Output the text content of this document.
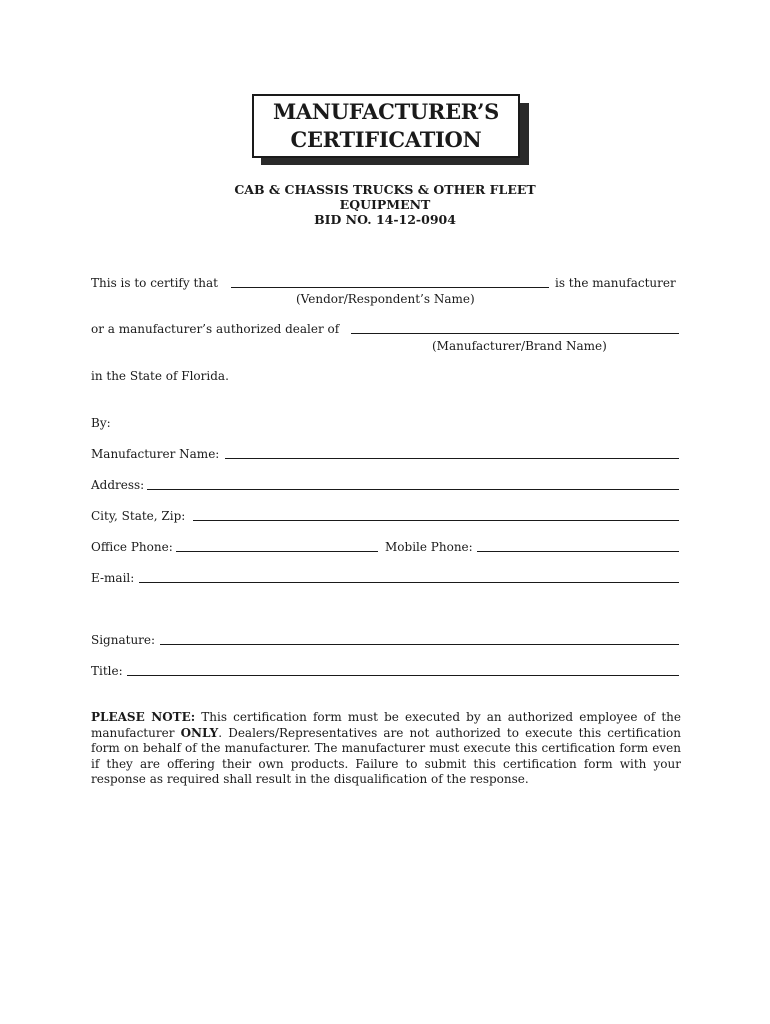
MANUFACTURER’S
CERTIFICATION
CAB & CHASSIS TRUCKS & OTHER FLEET
EQUIPMENT
BID NO. 14-12-0904
This is to certify that	is the manufacturer
(Vendor/Respondent’s Name)
or a manufacturer’s authorized dealer of
(Manufacturer/Brand Name)
in the State of Florida.
By:
Manufacturer Name:
Address:
City, State, Zip:
Office Phone:	Mobile Phone:
E-mail:
Signature:
Title:
PLEASE NOTE: This certification form must be executed by an authorized employee of the manufacturer ONLY. Dealers/Representatives are not authorized to execute this certification form on behalf of the manufacturer. The manufacturer must execute this certification form even if they are offering their own products. Failure to submit this certification form with your response as required shall result in the disqualification of the response.
